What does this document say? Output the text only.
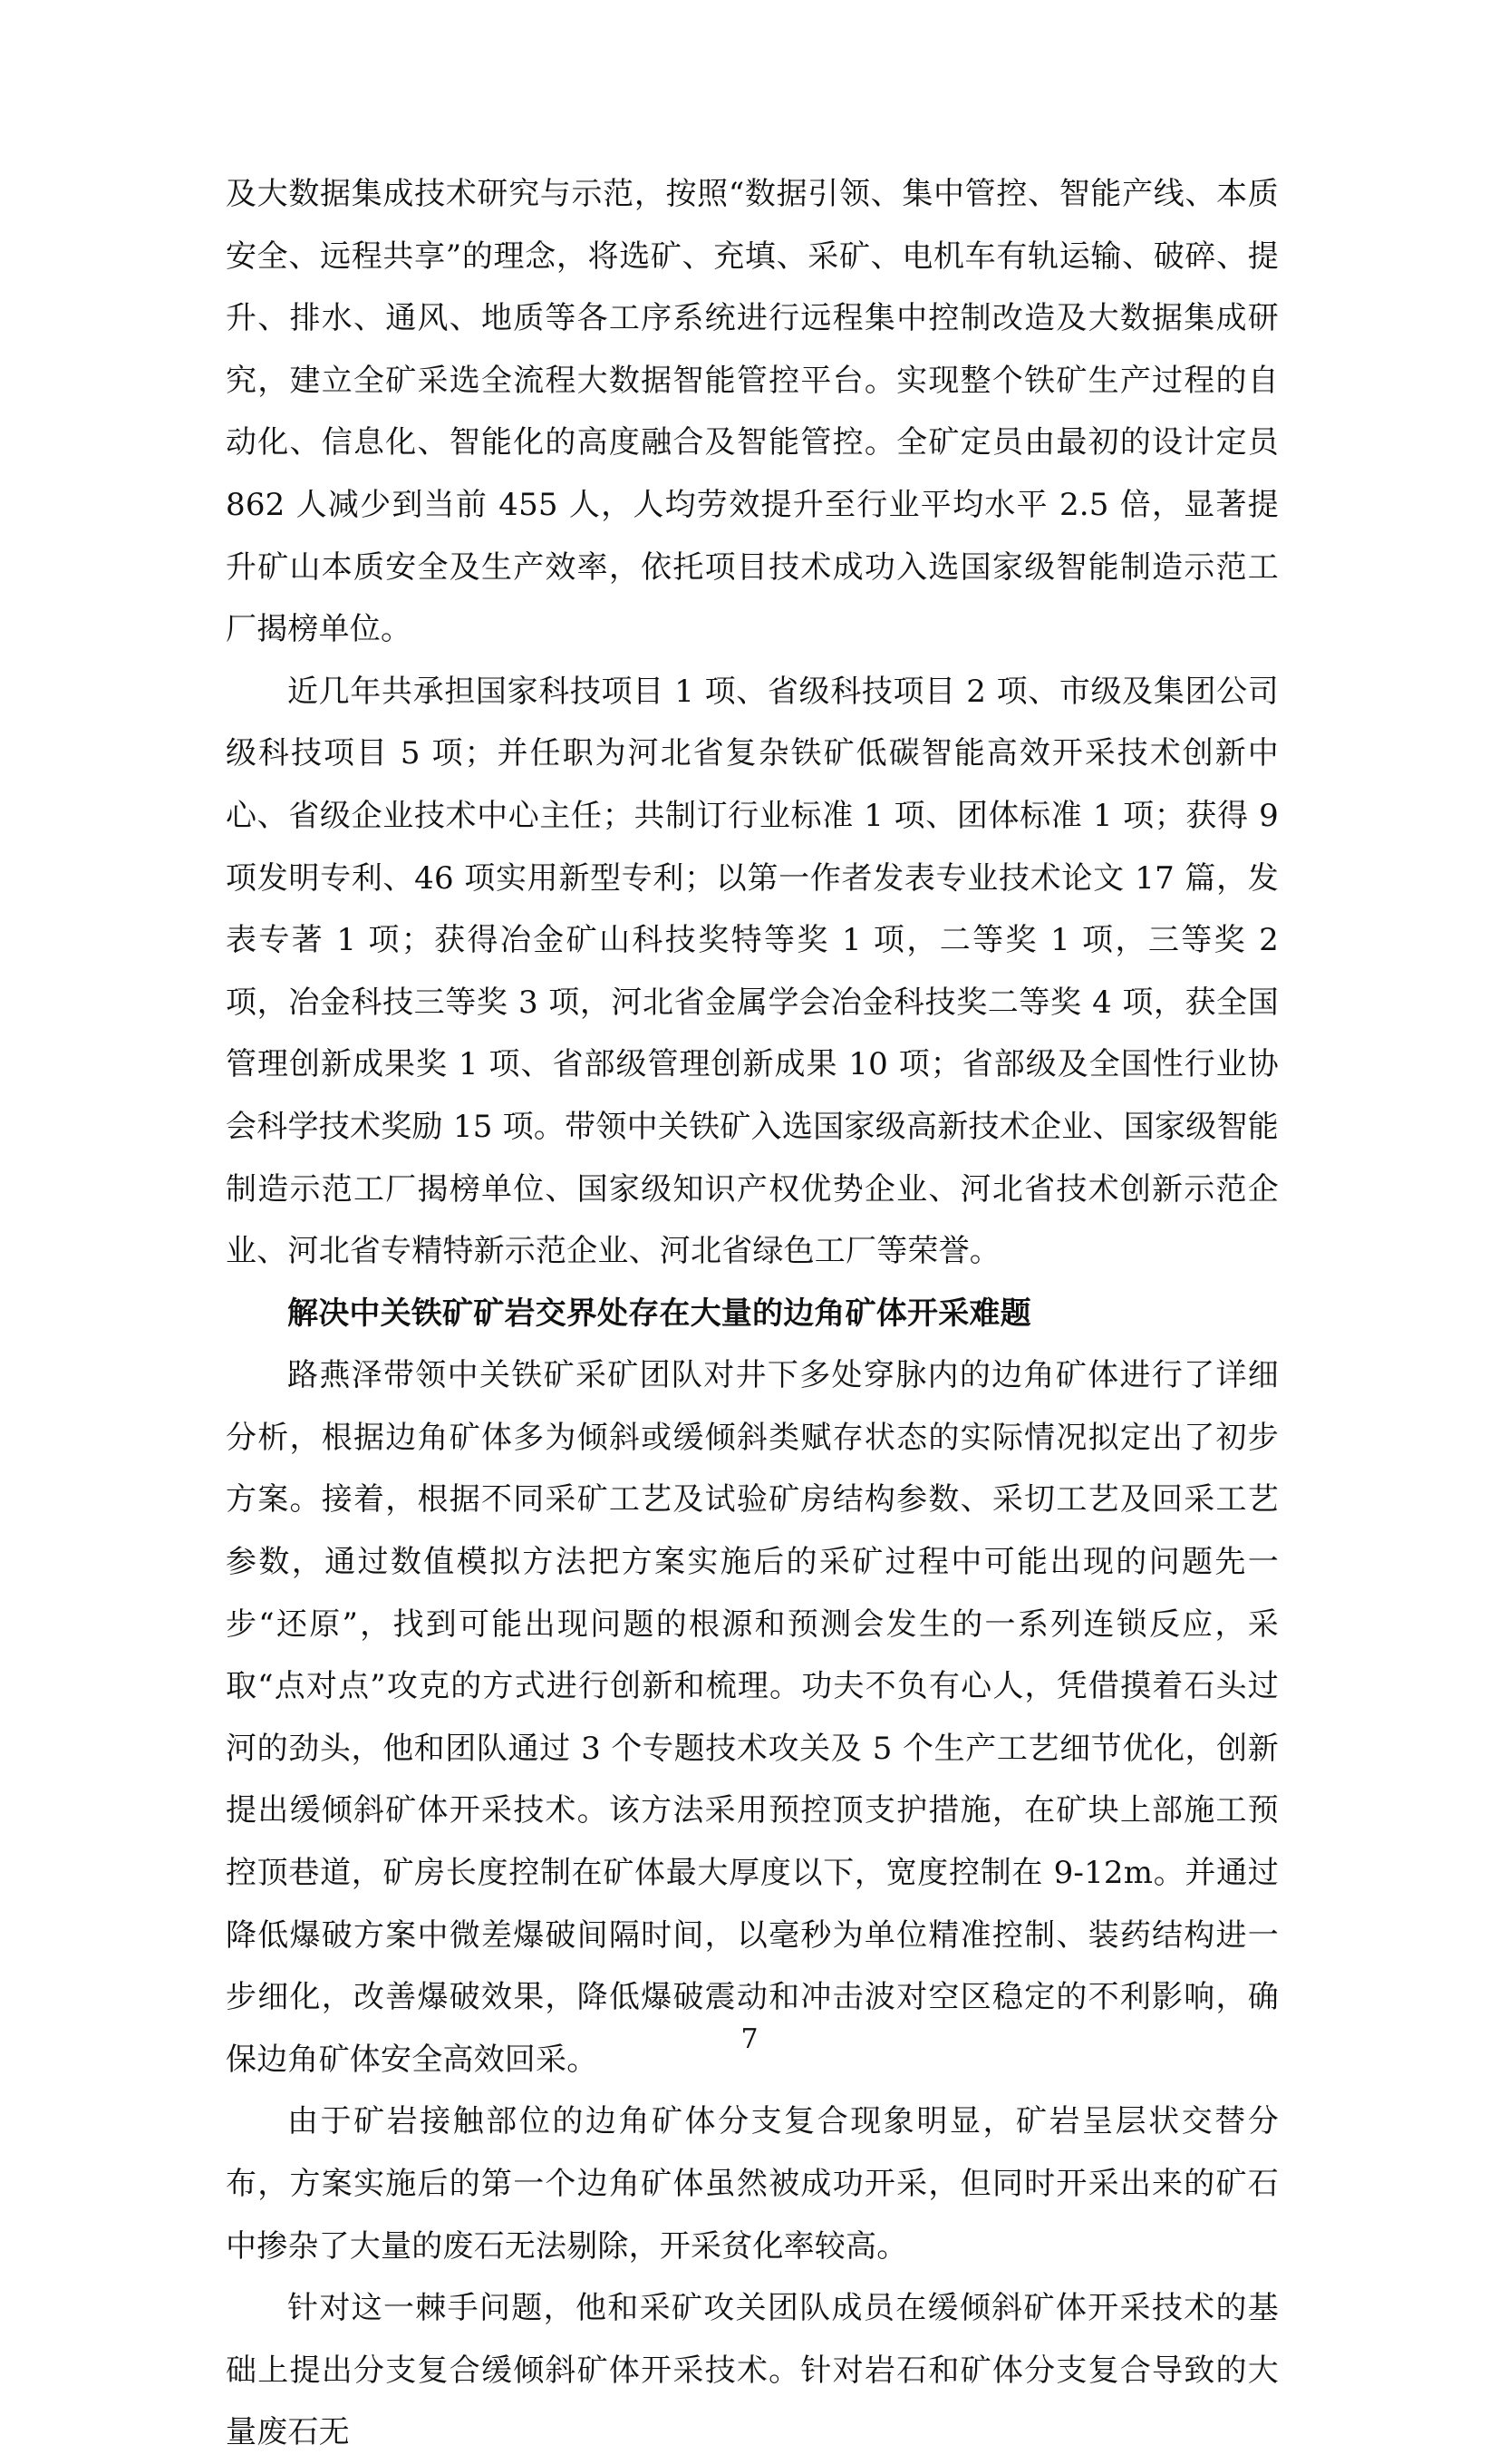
及大数据集成技术研究与示范，按照“数据引领、集中管控、智能产线、本质安全、远程共享”的理念，将选矿、充填、采矿、电机车有轨运输、破碎、提升、排水、通风、地质等各工序系统进行远程集中控制改造及大数据集成研究，建立全矿采选全流程大数据智能管控平台。实现整个铁矿生产过程的自动化、信息化、智能化的高度融合及智能管控。全矿定员由最初的设计定员 862 人减少到当前 455 人，人均劳效提升至行业平均水平 2.5 倍，显著提升矿山本质安全及生产效率，依托项目技术成功入选国家级智能制造示范工厂揭榜单位。

近几年共承担国家科技项目 1 项、省级科技项目 2 项、市级及集团公司级科技项目 5 项；并任职为河北省复杂铁矿低碳智能高效开采技术创新中心、省级企业技术中心主任；共制订行业标准 1 项、团体标准 1 项；获得 9 项发明专利、46 项实用新型专利；以第一作者发表专业技术论文 17 篇，发表专著 1 项；获得冶金矿山科技奖特等奖 1 项，二等奖 1 项，三等奖 2 项，冶金科技三等奖 3 项，河北省金属学会冶金科技奖二等奖 4 项，获全国管理创新成果奖 1 项、省部级管理创新成果 10 项；省部级及全国性行业协会科学技术奖励 15 项。带领中关铁矿入选国家级高新技术企业、国家级智能制造示范工厂揭榜单位、国家级知识产权优势企业、河北省技术创新示范企业、河北省专精特新示范企业、河北省绿色工厂等荣誉。

解决中关铁矿矿岩交界处存在大量的边角矿体开采难题

路燕泽带领中关铁矿采矿团队对井下多处穿脉内的边角矿体进行了详细分析，根据边角矿体多为倾斜或缓倾斜类赋存状态的实际情况拟定出了初步方案。接着，根据不同采矿工艺及试验矿房结构参数、采切工艺及回采工艺参数，通过数值模拟方法把方案实施后的采矿过程中可能出现的问题先一步“还原”，找到可能出现问题的根源和预测会发生的一系列连锁反应，采取“点对点”攻克的方式进行创新和梳理。功夫不负有心人，凭借摸着石头过河的劲头，他和团队通过 3 个专题技术攻关及 5 个生产工艺细节优化，创新提出缓倾斜矿体开采技术。该方法采用预控顶支护措施，在矿块上部施工预控顶巷道，矿房长度控制在矿体最大厚度以下，宽度控制在 9-12m。并通过降低爆破方案中微差爆破间隔时间，以毫秒为单位精准控制、装药结构进一步细化，改善爆破效果，降低爆破震动和冲击波对空区稳定的不利影响，确保边角矿体安全高效回采。

由于矿岩接触部位的边角矿体分支复合现象明显，矿岩呈层状交替分布，方案实施后的第一个边角矿体虽然被成功开采，但同时开采出来的矿石中掺杂了大量的废石无法剔除，开采贫化率较高。

针对这一棘手问题，他和采矿攻关团队成员在缓倾斜矿体开采技术的基础上提出分支复合缓倾斜矿体开采技术。针对岩石和矿体分支复合导致的大量废石无

7
